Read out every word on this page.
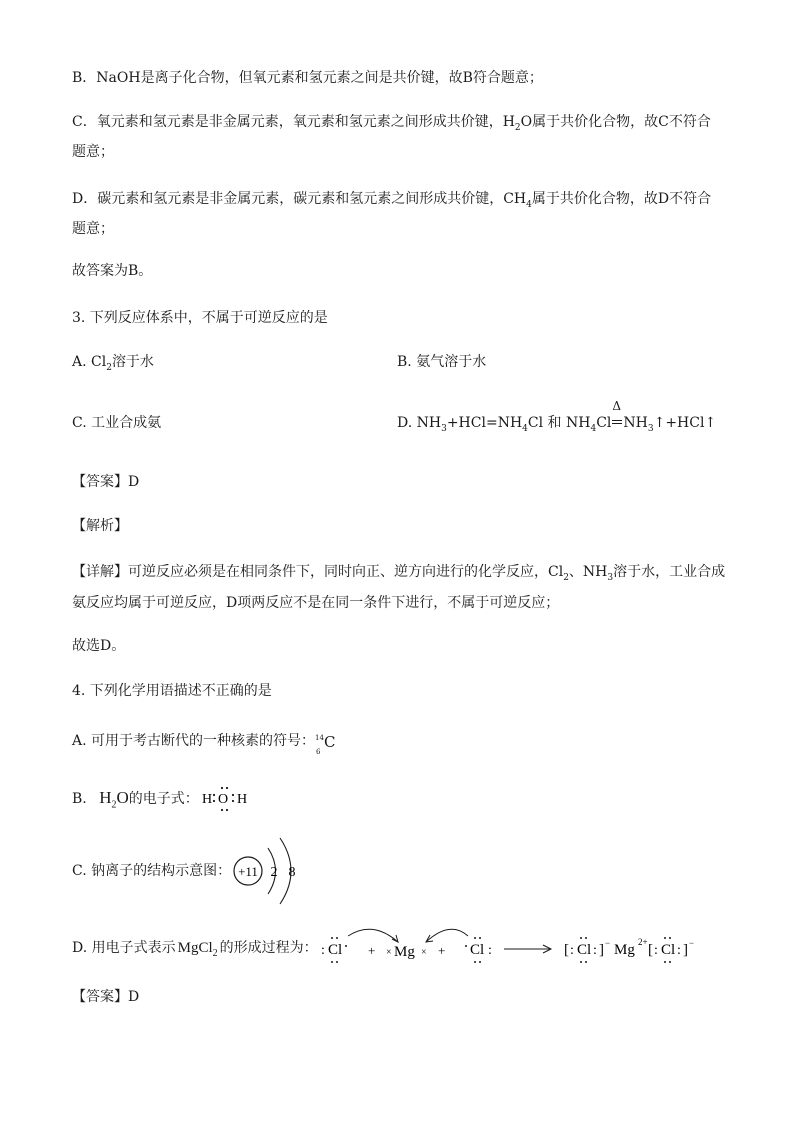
B．NaOH是离子化合物，但氧元素和氢元素之间是共价键，故B符合题意；
C．氧元素和氢元素是非金属元素，氧元素和氢元素之间形成共价键，$H_2O$属于共价化合物，故C不符合
题意；
D．碳元素和氢元素是非金属元素，碳元素和氢元素之间形成共价键，$CH_4$属于共价化合物，故D不符合
题意；
故答案为B。
3. 下列反应体系中，不属于可逆反应的是
A. $Cl_2$溶于水	B. 氨气溶于水
C. 工业合成氨	D. $NH_3+HCl=NH_4Cl$ 和 $NH_4Cl$
Δ
$NH_3↑+HCl↑$
【答案】D
【解析】
【详解】可逆反应必须是在相同条件下，同时向正、逆方向进行的化学反应，$Cl_2$、$NH_3$溶于水，工业合成
氨反应均属于可逆反应，D项两反应不是在同一条件下进行，不属于可逆反应；
故选D。
4. 下列化学用语描述不正确的是
A. 可用于考古断代的一种核素的符号： 14
6
C
B. $H_2O$的电子式： H O H
C. 钠离子的结构示意图： +11 2 8
D. 用电子式表示 MgCl$_2$ 的形成过程为： : Cl + × Mg × + Cl :	[ : Cl : ] − Mg 2+ [ : Cl : ] −
【答案】D
